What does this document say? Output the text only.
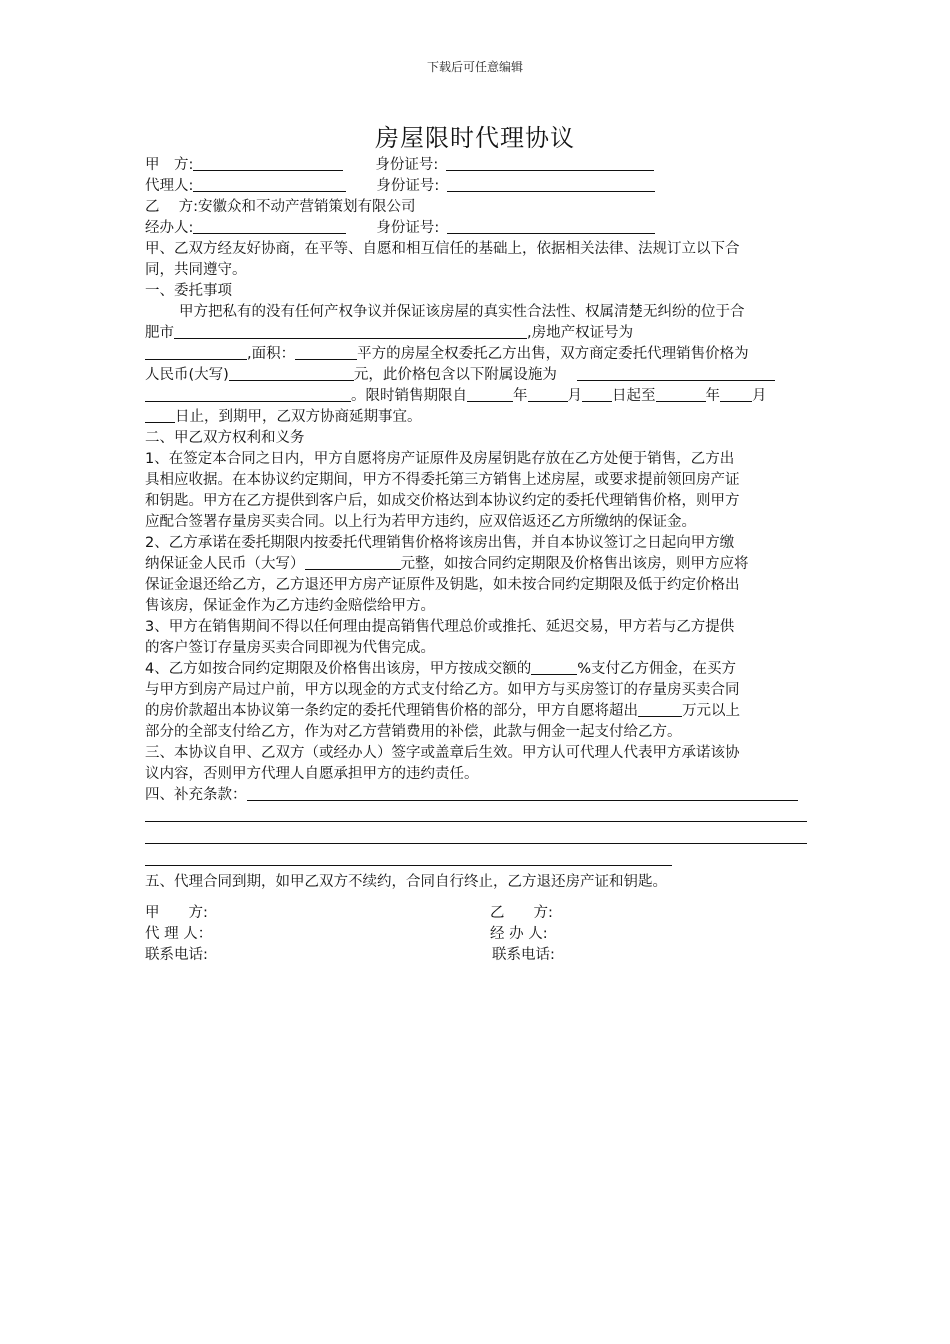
下载后可任意编辑
房屋限时代理协议
甲　方:	身份证号:
代理人:	身份证号:
乙　 方:安徽众和不动产营销策划有限公司
经办人:	身份证号:
甲、乙双方经友好协商，在平等、自愿和相互信任的基础上，依据相关法律、法规订立以下合
同，共同遵守。
一、委托事项
甲方把私有的没有任何产权争议并保证该房屋的真实性合法性、权属清楚无纠纷的位于合
肥市	,房地产权证号为
,面积：	平方的房屋全权委托乙方出售，双方商定委托代理销售价格为
人民币(大写)	元，此价格包含以下附属设施为
。限时销售期限自	年	月 日起至	年 月
日止，到期甲，乙双方协商延期事宜。
二、甲乙双方权利和义务
1、在签定本合同之日内，甲方自愿将房产证原件及房屋钥匙存放在乙方处便于销售，乙方出
具相应收据。在本协议约定期间，甲方不得委托第三方销售上述房屋，或要求提前领回房产证
和钥匙。甲方在乙方提供到客户后，如成交价格达到本协议约定的委托代理销售价格，则甲方
应配合签署存量房买卖合同。以上行为若甲方违约，应双倍返还乙方所缴纳的保证金。
2、乙方承诺在委托期限内按委托代理销售价格将该房出售，并自本协议签订之日起向甲方缴
纳保证金人民币（大写）	元整，如按合同约定期限及价格售出该房，则甲方应将
保证金退还给乙方，乙方退还甲方房产证原件及钥匙，如未按合同约定期限及低于约定价格出
售该房，保证金作为乙方违约金赔偿给甲方。
3、甲方在销售期间不得以任何理由提高销售代理总价或推托、延迟交易，甲方若与乙方提供
的客户签订存量房买卖合同即视为代售完成。
4、乙方如按合同约定期限及价格售出该房，甲方按成交额的	%支付乙方佣金，在买方
与甲方到房产局过户前，甲方以现金的方式支付给乙方。如甲方与买房签订的存量房买卖合同
的房价款超出本协议第一条约定的委托代理销售价格的部分，甲方自愿将超出	万元以上
部分的全部支付给乙方，作为对乙方营销费用的补偿，此款与佣金一起支付给乙方。
三、本协议自甲、乙双方（或经办人）签字或盖章后生效。甲方认可代理人代表甲方承诺该协
议内容，否则甲方代理人自愿承担甲方的违约责任。
四、补充条款：
五、代理合同到期，如甲乙双方不续约，合同自行终止，乙方退还房产证和钥匙。
甲　　方:	乙　　方:
代 理 人：	经 办 人:
联系电话:	联系电话:
